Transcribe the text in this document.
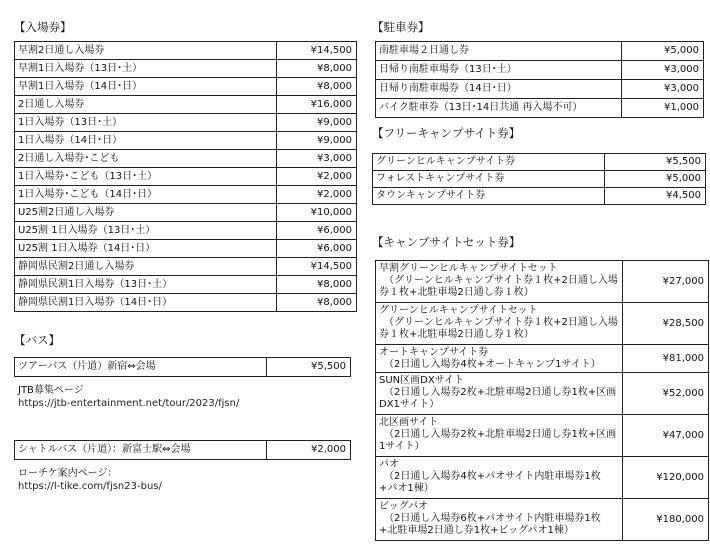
【入場券】
早割2日通し入場券	¥14,500
早割1日入場券（13日･土）	¥8,000
早割1日入場券（14日･日）	¥8,000
2日通し入場券	¥16,000
1日入場券（13日･土）	¥9,000
1日入場券（14日･日）	¥9,000
2日通し入場券･こども	¥3,000
1日入場券･こども（13日･土）	¥2,000
1日入場券･こども（14日･日）	¥2,000
U25割2日通し入場券	¥10,000
U25割 1日入場券（13日･土）	¥6,000
U25割 1日入場券（14日･日）	¥6,000
静岡県民割2日通し入場券	¥14,500
静岡県民割1日入場券（13日･土）	¥8,000
静岡県民割1日入場券（14日･日）	¥8,000
【バス】
ツアーバス（片道）新宿⇔会場	¥5,500
JTB募集ページ
https://jtb-entertainment.net/tour/2023/fjsn/
シャトルバス（片道）：新富士駅⇔会場	¥2,000
ローチケ案内ページ：
https://l-tike.com/fjsn23-bus/
【駐車券】
南駐車場２日通し券	¥5,000
日帰り南駐車場券（13日･土）	¥3,000
日帰り南駐車場券（14日･日）	¥3,000
バイク駐車券（13日･14日共通 再入場不可）	¥1,000
【フリーキャンプサイト券】
グリーンヒルキャンプサイト券	¥5,500
フォレストキャンプサイト券	¥5,000
タウンキャンプサイト券	¥4,500
【キャンプサイトセット券】
早割グリーンヒルキャンプサイトセット
　（グリーンヒルキャンプサイト券１枚+2日通し入場券１枚+北駐車場2日通し券１枚）	¥27,000
グリーンヒルキャンプサイトセット
　（グリーンヒルキャンプサイト券１枚+2日通し入場券１枚+北駐車場2日通し券１枚）	¥28,500
オートキャンプサイト券
　（2日通し入場券4枚+オートキャンプ1サイト）	¥81,000
SUN区画DXサイト
　（2日通し入場券2枚+北駐車場2日通し券1枚+区画DX1サイト）	¥52,000
北区画サイト
　（2日通し入場券2枚+北駐車場2日通し券1枚+区画1サイト）	¥47,000
パオ
　（2日通し入場券4枚+パオサイト内駐車場券1枚+パオ1棟）	¥120,000
ビッグパオ
　（2日通し入場券6枚+パオサイト内駐車場券1枚+北駐車場2日通し券1枚+ビッグパオ1棟）	¥180,000
